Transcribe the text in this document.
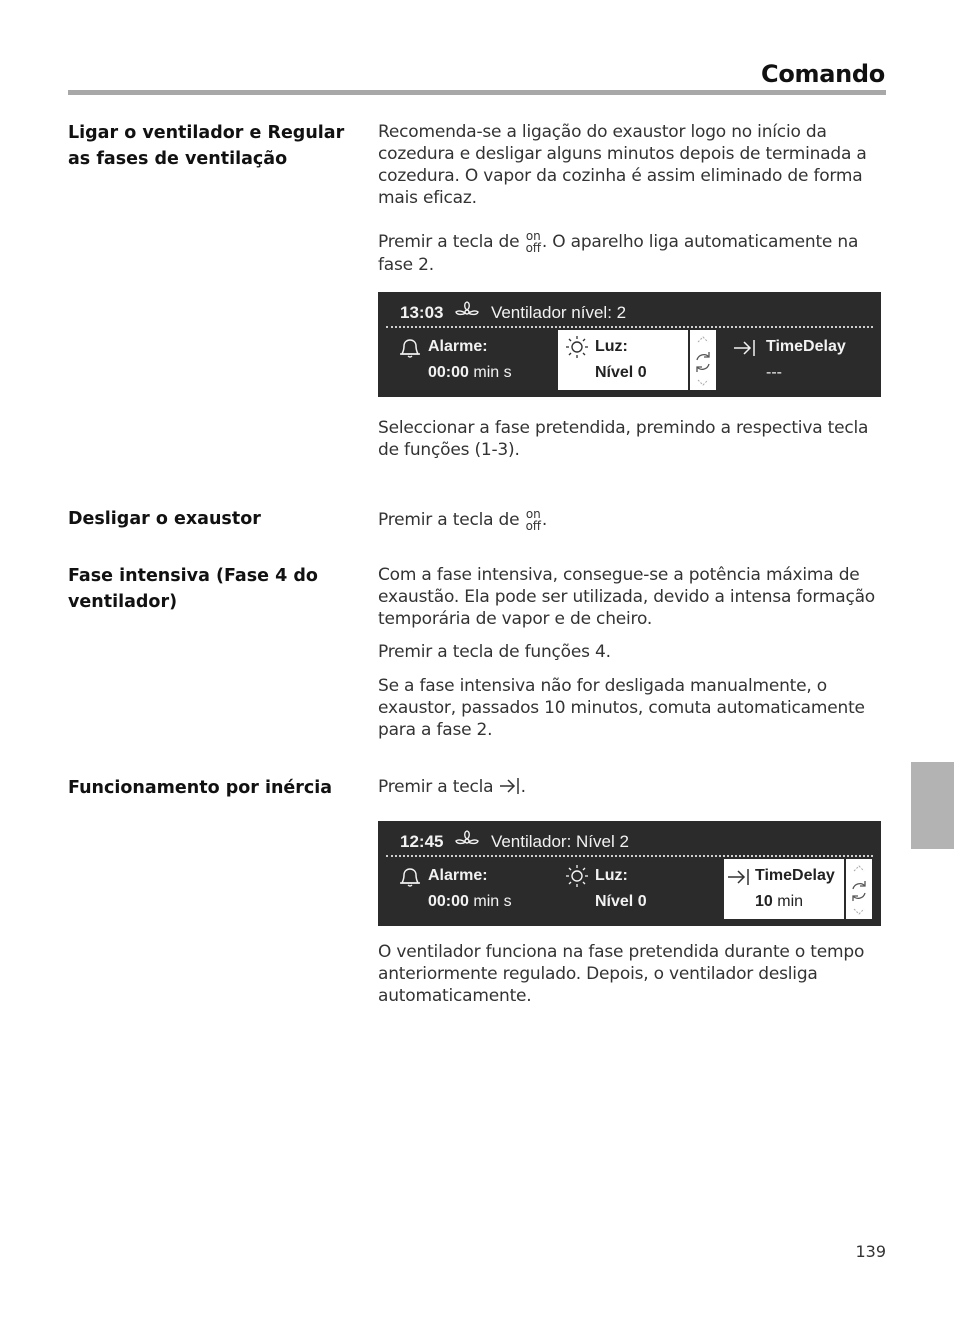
Comando
Ligar o ventilador e Regular as fases de ventilação

Recomenda-se a ligação do exaustor logo no início da cozedura e desligar alguns minutos depois de terminada a cozedura. O vapor da cozinha é assim eliminado de forma mais eficaz.

Premir a tecla de on
off . O aparelho liga automaticamente na fase 2.

13:03	Ventilador nível: 2
Alarme:
00:00 min s
Luz:
Nível 0
TimeDelay
---

Seleccionar a fase pretendida, premindo a respectiva tecla de funções (1-3).

Desligar o exaustor	Premir a tecla de on
off .

Fase intensiva (Fase 4 do ventilador)

Com a fase intensiva, consegue-se a potência máxima de exaustão. Ela pode ser utilizada, devido a intensa formação temporária de vapor e de cheiro.

Premir a tecla de funções 4.

Se a fase intensiva não for desligada manualmente, o exaustor, passados 10 minutos, comuta automaticamente para a fase 2.

Funcionamento por inércia	Premir a tecla .

12:45	Ventilador: Nível 2
Alarme:
00:00 min s
Luz:
Nível 0
TimeDelay
10 min

O ventilador funciona na fase pretendida durante o tempo anteriormente regulado. Depois, o ventilador desliga automaticamente.

139
